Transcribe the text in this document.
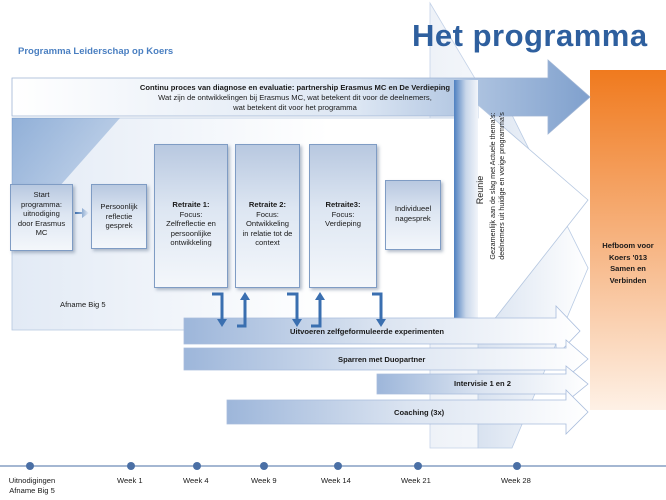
Programma Leiderschap op Koers	Het programma
Continu proces van diagnose en evaluatie: partnership Erasmus MC en De Verdieping
Wat zijn de ontwikkelingen bij Erasmus MC, wat betekent dit voor de deelnemers,
wat betekent dit voor het programma
Start
programma:
uitnodiging
door Erasmus
MC
Persoonlijk
reflectie
gesprek
Retraite 1:
Focus:
Zelfreflectie en
persoonlijke
ontwikkeling
Retraite 2:
Focus:
Ontwikkeling
in relatie tot de
context
Retraite3:
Focus:
Verdieping
Individueel
nagesprek
Afname Big 5
Uitvoeren zelfgeformuleerde experimenten
Sparren met Duopartner
Intervisie 1 en 2
Coaching (3x)
Reunie Gezamenlijk aan de slag met Actuele thema's: deelnemers uit huidige en vorige programma's	Hefboom voor
Koers '013
Samen en
Verbinden
Uitnodigingen
Afname Big 5
Week 1	Week 4	Week 9	Week 14	Week 21	Week 28
